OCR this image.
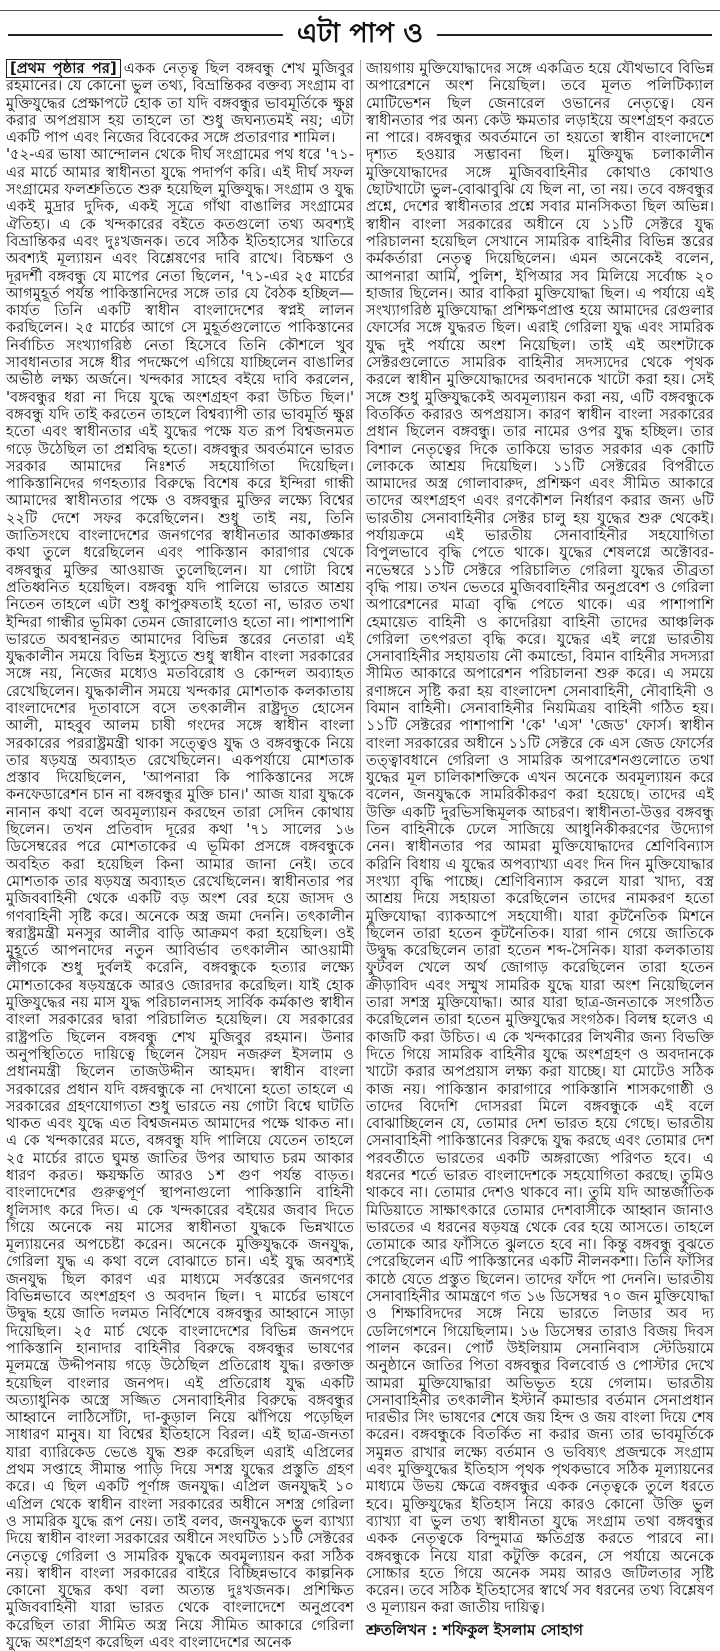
এটা পাপ ও

[প্রথম পৃষ্ঠার পর] একক নেতৃত্ব ছিল বঙ্গবন্ধু শেখ মুজিবুর রহমানের। যে কোনো ভুল তথ্য, বিভ্রান্তিকর বক্তব্য সংগ্রাম বা মুক্তিযুদ্ধের প্রেক্ষাপটে হোক তা যদি বঙ্গবন্ধুর ভাবমূর্তিকে ক্ষুণ্ণ করার অপপ্রয়াস হয় তাহলে তা শুধু জঘন্যতমই নয়; এটা একটি পাপ এবং নিজের বিবেকের সঙ্গে প্রতারণার শামিল।

'৫২-এর ভাষা আন্দোলন থেকে দীর্ঘ সংগ্রামের পথ ধরে '৭১-এর মার্চে আমার স্বাধীনতা যুদ্ধে পদার্পণ করি। এই দীর্ঘ সফল সংগ্রামের ফলশ্রুতিতে শুরু হয়েছিল মুক্তিযুদ্ধ। সংগ্রাম ও যুদ্ধ একই মুদ্রার দুদিক, একই সূত্রে গাঁথা বাঙালির সংগ্রামের ঐতিহ্য। এ কে খন্দকারের বইতে কতগুলো তথ্য অবশ্যই বিভ্রান্তিকর এবং দুঃখজনক। তবে সঠিক ইতিহাসের খাতিরে অবশ্যই মূল্যায়ন এবং বিশ্লেষণের দাবি রাখে। বিচক্ষণ ও দূরদর্শী বঙ্গবন্ধু যে মাপের নেতা ছিলেন, '৭১-এর ২৫ মার্চের আগমুহূর্ত পর্যন্ত পাকিস্তানিদের সঙ্গে তার যে বৈঠক হচ্ছিল— কার্যত তিনি একটি স্বাধীন বাংলাদেশের স্বপ্নই লালন করছিলেন। ২৫ মার্চের আগে সে মুহূর্তগুলোতে পাকিস্তানের নির্বাচিত সংখ্যাগরিষ্ঠ নেতা হিসেবে তিনি কৌশলে খুব সাবধানতার সঙ্গে ধীর পদক্ষেপে এগিয়ে যাচ্ছিলেন বাঙালির অভীষ্ঠ লক্ষ্য অর্জনে। খন্দকার সাহেব বইয়ে দাবি করলেন, 'বঙ্গবন্ধুর ধরা না দিয়ে যুদ্ধে অংশগ্রহণ করা উচিত ছিল।' বঙ্গবন্ধু যদি তাই করতেন তাহলে বিশ্বব্যাপী তার ভাবমূর্তি ক্ষুণ্ণ হতো এবং স্বাধীনতার এই যুদ্ধের পক্ষে যত রূপ বিশ্বজনমত গড়ে উঠেছিল তা প্রশ্নবিদ্ধ হতো। বঙ্গবন্ধুর অবর্তমানে ভারত সরকার আমাদের নিঃশর্ত সহযোগিতা দিয়েছিল। পাকিস্তানিদের গণহত্যার বিরুদ্ধে বিশেষ করে ইন্দিরা গান্ধী আমাদের স্বাধীনতার পক্ষে ও বঙ্গবন্ধুর মুক্তির লক্ষ্যে বিশ্বের ২২টি দেশে সফর করেছিলেন। শুধু তাই নয়, তিনি জাতিসংঘে বাংলাদেশের জনগণের স্বাধীনতার আকাঙ্ক্ষার কথা তুলে ধরেছিলেন এবং পাকিস্তান কারাগার থেকে বঙ্গবন্ধুর মুক্তির আওয়াজ তুলেছিলেন। যা গোটা বিশ্বে প্রতিধ্বনিত হয়েছিল। বঙ্গবন্ধু যদি পালিয়ে ভারতে আশ্রয় নিতেন তাহলে এটা শুধু কাপুরুষতাই হতো না, ভারত তথা ইন্দিরা গান্ধীর ভূমিকা তেমন জোরালোও হতো না। পাশাপাশি ভারতে অবস্থানরত আমাদের বিভিন্ন স্তরের নেতারা এই যুদ্ধকালীন সময়ে বিভিন্ন ইস্যুতে শুধু স্বাধীন বাংলা সরকারের সঙ্গে নয়, নিজের মধ্যেও মতবিরোধ ও কোন্দল অব্যাহত রেখেছিলেন। যুদ্ধকালীন সময়ে খন্দকার মোশতাক কলকাতায় বাংলাদেশের দূতাবাসে বসে তৎকালীন রাষ্ট্রদূত হোসেন আলী, মাহবুব আলম চাষী গংদের সঙ্গে স্বাধীন বাংলা সরকারের পররাষ্ট্রমন্ত্রী থাকা সত্ত্বেও যুদ্ধ ও বঙ্গবন্ধুকে নিয়ে তার ষড়যন্ত্র অব্যাহত রেখেছিলেন। একপর্যায়ে মোশতাক প্রস্তাব দিয়েছিলেন, 'আপনারা কি পাকিস্তানের সঙ্গে কনফেডারেশন চান না বঙ্গবন্ধুর মুক্তি চান।' আজ যারা যুদ্ধকে নানান কথা বলে অবমূল্যায়ন করছেন তারা সেদিন কোথায় ছিলেন। তখন প্রতিবাদ দূরের কথা '৭১ সালের ১৬ ডিসেম্বরের পরে মোশতাকের এ ভূমিকা প্রসঙ্গে বঙ্গবন্ধুকে অবহিত করা হয়েছিল কিনা আমার জানা নেই। তবে মোশতাক তার ষড়যন্ত্র অব্যাহত রেখেছিলেন। স্বাধীনতার পর মুজিববাহিনী থেকে একটি বড় অংশ বের হয়ে জাসদ ও গণবাহিনী সৃষ্টি করে। অনেকে অস্ত্র জমা দেননি। তৎকালীন স্বরাষ্ট্রমন্ত্রী মনসুর আলীর বাড়ি আক্রমণ করা হয়েছিল। ওই মুহূর্তে আপনাদের নতুন আবির্ভাব তৎকালীন আওয়ামী লীগকে শুধু দুর্বলই করেনি, বঙ্গবন্ধুকে হত্যার লক্ষ্যে মোশতাকের ষড়যন্ত্রকে আরও জোরদার করেছিল। যাই হোক মুক্তিযুদ্ধের নয় মাস যুদ্ধ পরিচালনাসহ সার্বিক কর্মকাণ্ড স্বাধীন বাংলা সরকারের দ্বারা পরিচালিত হয়েছিল। যে সরকারের রাষ্ট্রপতি ছিলেন বঙ্গবন্ধু শেখ মুজিবুর রহমান। উনার অনুপস্থিতিতে দায়িত্বে ছিলেন সৈয়দ নজরুল ইসলাম ও প্রধানমন্ত্রী ছিলেন তাজউদ্দীন আহমদ। স্বাধীন বাংলা সরকারের প্রধান যদি বঙ্গবন্ধুকে না দেখানো হতো তাহলে এ সরকারের গ্রহণযোগ্যতা শুধু ভারতে নয় গোটা বিশ্বে ঘাটতি থাকত এবং যুদ্ধে এত বিশ্বজনমত আমাদের পক্ষে থাকত না। এ কে খন্দকারের মতে, বঙ্গবন্ধু যদি পালিয়ে যেতেন তাহলে ২৫ মার্চের রাতে ঘুমন্ত জাতির উপর আঘাত চরম আকার ধারণ করত। ক্ষয়ক্ষতি আরও ১শ গুণ পর্যন্ত বাড়ত। বাংলাদেশের গুরুত্বপূর্ণ স্থাপনাগুলো পাকিস্তানি বাহিনী ধূলিসাৎ করে দিত। এ কে খন্দকারের বইয়ের জবাব দিতে গিয়ে অনেকে নয় মাসের স্বাধীনতা যুদ্ধকে ভিন্নখাতে মূল্যায়নের অপচেষ্টা করেন। অনেকে মুক্তিযুদ্ধকে জনযুদ্ধ, গেরিলা যুদ্ধ এ কথা বলে বোঝাতে চান। এই যুদ্ধ অবশ্যই জনযুদ্ধ ছিল কারণ এর মাধ্যমে সর্বস্তরের জনগণের বিভিন্নভাবে অংশগ্রহণ ও অবদান ছিল। ৭ মার্চের ভাষণে উদ্বুদ্ধ হয়ে জাতি দলমত নির্বিশেষে বঙ্গবন্ধুর আহ্বানে সাড়া দিয়েছিল। ২৫ মার্চ থেকে বাংলাদেশের বিভিন্ন জনপদে পাকিস্তানি হানাদার বাহিনীর বিরুদ্ধে বঙ্গবন্ধুর ভাষণের মূলমন্ত্রে উদ্দীপনায় গড়ে উঠেছিল প্রতিরোধ যুদ্ধ। রক্তাক্ত হয়েছিল বাংলার জনপদ। এই প্রতিরোধ যুদ্ধ একটি অত্যাধুনিক অস্ত্রে সজ্জিত সেনাবাহিনীর বিরুদ্ধে বঙ্গবন্ধুর আহ্বানে লাঠিসোঁটা, দা-কুড়াল নিয়ে ঝাঁপিয়ে পড়েছিল সাধারণ মানুষ। যা বিশ্বের ইতিহাসে বিরল। এই ছাত্র-জনতা যারা ব্যারিকেড ভেঙে যুদ্ধ শুরু করেছিল এরাই এপ্রিলের প্রথম সপ্তাহে সীমান্ত পাড়ি দিয়ে সশস্ত্র যুদ্ধের প্রস্তুতি গ্রহণ করে। এ ছিল একটি পূর্ণাঙ্গ জনযুদ্ধ। এপ্রিল জনযুদ্ধই ১০ এপ্রিল থেকে স্বাধীন বাংলা সরকারের অধীনে সশস্ত্র গেরিলা ও সামরিক যুদ্ধে রূপ নেয়। তাই বলব, জনযুদ্ধকে ভুল ব্যাখ্যা দিয়ে স্বাধীন বাংলা সরকারের অধীনে সংঘটিত ১১টি সেক্টরের নেতৃত্বে গেরিলা ও সামরিক যুদ্ধকে অবমূল্যায়ন করা সঠিক নয়। স্বাধীন বাংলা সরকারের বাইরে বিচ্ছিন্নভাবে কাল্পনিক কোনো যুদ্ধের কথা বলা অত্যন্ত দুঃখজনক। প্রশিক্ষিত মুজিববাহিনী যারা ভারত থেকে বাংলাদেশে অনুপ্রবেশ করেছিল তারা সীমিত অস্ত্র নিয়ে সীমিত আকারে গেরিলা যুদ্ধে অংশগ্রহণ করেছিল এবং বাংলাদেশের অনেক

জায়গায় মুক্তিযোদ্ধাদের সঙ্গে একত্রিত হয়ে যৌথভাবে বিভিন্ন অপারেশনে অংশ নিয়েছিল। তবে মূলত পলিটিক্যাল মোটিভেশন ছিল জেনারেল ওভানের নেতৃত্বে। যেন স্বাধীনতার পর অন্য কেউ ক্ষমতার লড়াইয়ে অংশগ্রহণ করতে না পারে। বঙ্গবন্ধুর অবর্তমানে তা হয়তো স্বাধীন বাংলাদেশে দৃশ্যত হওয়ার সম্ভাবনা ছিল। মুক্তিযুদ্ধ চলাকালীন মুক্তিযোদ্ধাদের সঙ্গে মুজিববাহিনীর কোথাও কোথাও ছোটখাটো ভুল-বোঝাবুঝি যে ছিল না, তা নয়। তবে বঙ্গবন্ধুর প্রশ্নে, দেশের স্বাধীনতার প্রশ্নে সবার মানসিকতা ছিল অভিন্ন। স্বাধীন বাংলা সরকারের অধীনে যে ১১টি সেক্টরে যুদ্ধ পরিচালনা হয়েছিল সেখানে সামরিক বাহিনীর বিভিন্ন স্তরের কর্মকর্তারা নেতৃত্ব দিয়েছিলেন। এমন অনেকেই বলেন, আপনারা আর্মি, পুলিশ, ইপিআর সব মিলিয়ে সর্বোচ্চ ২০ হাজার ছিলেন। আর বাকিরা মুক্তিযোদ্ধা ছিল। এ পর্যায়ে এই সংখ্যাগরিষ্ঠ মুক্তিযোদ্ধা প্রশিক্ষণপ্রাপ্ত হয়ে আমাদের রেগুলার ফোর্সের সঙ্গে যুদ্ধরত ছিল। এরাই গেরিলা যুদ্ধ এবং সামরিক যুদ্ধ দুই পর্যায়ে অংশ নিয়েছিল। তাই এই অংশটাকে সেক্টরগুলোতে সামরিক বাহিনীর সদস্যদের থেকে পৃথক করলে স্বাধীন মুক্তিযোদ্ধাদের অবদানকে খাটো করা হয়। সেই সঙ্গে শুধু মুক্তিযুদ্ধকেই অবমূল্যায়ন করা নয়, এটি বঙ্গবন্ধুকে বিতর্কিত করারও অপপ্রয়াস। কারণ স্বাধীন বাংলা সরকারের প্রধান ছিলেন বঙ্গবন্ধু। তার নামের ওপর যুদ্ধ হচ্ছিল। তার বিশাল নেতৃত্বের দিকে তাকিয়ে ভারত সরকার এক কোটি লোককে আশ্রয় দিয়েছিল। ১১টি সেক্টরের বিপরীতে আমাদের অস্ত্র গোলাবারুদ, প্রশিক্ষণ এবং সীমিত আকারে তাদের অংশগ্রহণ এবং রণকৌশল নির্ধারণ করার জন্য ৬টি ভারতীয় সেনাবাহিনীর সেক্টর চালু হয় যুদ্ধের শুরু থেকেই। পর্যায়ক্রমে এই ভারতীয় সেনাবাহিনীর সহযোগিতা বিপুলভাবে বৃদ্ধি পেতে থাকে। যুদ্ধের শেষলগ্নে অক্টোবর-নভেম্বরে ১১টি সেক্টরে পরিচালিত গেরিলা যুদ্ধের তীব্রতা বৃদ্ধি পায়। তখন ভেতরে মুজিববাহিনীর অনুপ্রবেশ ও গেরিলা অপারেশনের মাত্রা বৃদ্ধি পেতে থাকে। এর পাশাপাশি হেমায়েত বাহিনী ও কাদেরিয়া বাহিনী তাদের আঞ্চলিক গেরিলা তৎপরতা বৃদ্ধি করে। যুদ্ধের এই লগ্নে ভারতীয় সেনাবাহিনীর সহায়তায় নৌ কমান্ডো, বিমান বাহিনীর সদস্যরা সীমিত আকারে অপারেশন পরিচালনা শুরু করে। এ সময়ে রণাঙ্গনে সৃষ্টি করা হয় বাংলাদেশ সেনাবাহিনী, নৌবাহিনী ও বিমান বাহিনী। সেনাবাহিনীর নিয়মিত্রয় বাহিনী গঠিত হয়। ১১টি সেক্টরের পাশাপাশি 'কে' 'এস' 'জেড' ফোর্স। স্বাধীন বাংলা সরকারের অধীনে ১১টি সেক্টরে কে এস জেড ফোর্সের তত্ত্বাবধানে গেরিলা ও সামরিক অপারেশনগুলোতে তথা যুদ্ধের মূল চালিকাশক্তিকে এখন অনেকে অবমূল্যায়ন করে বলেন, জনযুদ্ধকে সামরিকীকরণ করা হয়েছে। তাদের এই উক্তি একটি দুরভিসন্ধিমূলক আচরণ। স্বাধীনতা-উত্তর বঙ্গবন্ধু তিন বাহিনীকে ঢেলে সাজিয়ে আধুনিকীকরণের উদ্যোগ নেন। স্বাধীনতার পর আমরা মুক্তিযোদ্ধাদের শ্রেণিবিন্যাস করিনি বিধায় এ যুদ্ধের অপব্যাখ্যা এবং দিন দিন মুক্তিযোদ্ধার সংখ্যা বৃদ্ধি পাচ্ছে। শ্রেণিবিন্যাস করলে যারা খাদ্য, বস্ত্র আশ্রয় দিয়ে সহায়তা করেছিলেন তাদের নামকরণ হতো মুক্তিযোদ্ধা ব্যাকআপে সহযোগী। যারা কূটনৈতিক মিশনে ছিলেন তারা হতেন কূটনৈতিক। যারা গান গেয়ে জাতিকে উদ্বুদ্ধ করেছিলেন তারা হতেন শব্দ-সৈনিক। যারা কলকাতায় ফুটবল খেলে অর্থ জোগাড় করেছিলেন তারা হতেন ক্রীড়াবিদ এবং সম্মুখ সামরিক যুদ্ধে যারা অংশ নিয়েছিলেন তারা সশস্ত্র মুক্তিযোদ্ধা। আর যারা ছাত্র-জনতাকে সংগঠিত করেছিলেন তারা হতেন মুক্তিযুদ্ধের সংগঠক। বিলম্ব হলেও এ কাজটি করা উচিত। এ কে খন্দকারের লিখনীর জন্য বিভক্তি দিতে গিয়ে সামরিক বাহিনীর যুদ্ধে অংশগ্রহণ ও অবদানকে খাটো করার অপপ্রয়াস লক্ষ্য করা যাচ্ছে। যা মোটেও সঠিক কাজ নয়। পাকিস্তান কারাগারে পাকিস্তানি শাসকগোষ্ঠী ও তাদের বিদেশি দোসররা মিলে বঙ্গবন্ধুকে এই বলে বোঝাচ্ছিলেন যে, তোমার দেশ ভারত হয়ে গেছে। ভারতীয় সেনাবাহিনী পাকিস্তানের বিরুদ্ধে যুদ্ধ করছে এবং তোমার দেশ পরবর্তীতে ভারতের একটি অঙ্গরাজ্যে পরিণত হবে। এ ধরনের শর্তে ভারত বাংলাদেশকে সহযোগিতা করছে। তুমিও থাকবে না। তোমার দেশও থাকবে না। তুমি যদি আন্তর্জাতিক মিডিয়াতে সাক্ষাৎকারে তোমার দেশবাসীকে আহ্বান জানাও ভারতের এ ধরনের ষড়যন্ত্র থেকে বের হয়ে আসতে। তাহলে তোমাকে আর ফাঁসিতে ঝুলতে হবে না। কিন্তু বঙ্গবন্ধু বুঝতে পেরেছিলেন এটি পাকিস্তানের একটি নীলনকশা। তিনি ফাঁসির কাষ্ঠে যেতে প্রস্তুত ছিলেন। তাদের ফাঁদে পা দেননি। ভারতীয় সেনাবাহিনীর আমন্ত্রণে গত ১৬ ডিসেম্বর ৭০ জন মুক্তিযোদ্ধা ও শিক্ষাবিদদের সঙ্গে নিয়ে ভারতে লিডার অব দ্য ডেলিগেশনে গিয়েছিলাম। ১৬ ডিসেম্বর তারাও বিজয় দিবস পালন করেন। পোর্ট উইলিয়াম সেনানিবাস স্টেডিয়ামে অনুষ্ঠানে জাতির পিতা বঙ্গবন্ধুর বিলবোর্ড ও পোস্টার দেখে আমরা মুক্তিযোদ্ধারা অভিভূত হয়ে গেলাম। ভারতীয় সেনাবাহিনীর তৎকালীন ইস্টার্ন কমান্ডার বর্তমান সেনাপ্রধান দারভীর সিং ভাষণের শেষে জয় হিন্দ ও জয় বাংলা দিয়ে শেষ করেন। বঙ্গবন্ধুকে বিতর্কিত না করার জন্য তার ভাবমূর্তিকে সমুন্নত রাখার লক্ষ্যে বর্তমান ও ভবিষ্যৎ প্রজন্মকে সংগ্রাম এবং মুক্তিযুদ্ধের ইতিহাস পৃথক পৃথকভাবে সঠিক মূল্যায়নের মাধ্যমে উভয় ক্ষেত্রে বঙ্গবন্ধুর একক নেতৃত্বকে তুলে ধরতে হবে। মুক্তিযুদ্ধের ইতিহাস নিয়ে কারও কোনো উক্তি ভুল ব্যাখ্যা বা ভুল তথ্য স্বাধীনতা যুদ্ধে সংগ্রাম তথা বঙ্গবন্ধুর একক নেতৃত্বকে বিন্দুমাত্র ক্ষতিগ্রস্ত করতে পারবে না। বঙ্গবন্ধুকে নিয়ে যারা কটুক্তি করেন, সে পর্যায়ে অনেকে সোচ্চার হতে গিয়ে অনেক সময় আরও জটিলতার সৃষ্টি করেন। তবে সঠিক ইতিহাসের স্বার্থে সব ধরনের তথ্য বিশ্লেষণ ও মূল্যায়ন করা জাতীয় দায়িত্ব।

শ্রুতলিখন : শফিকুল ইসলাম সোহাগ
